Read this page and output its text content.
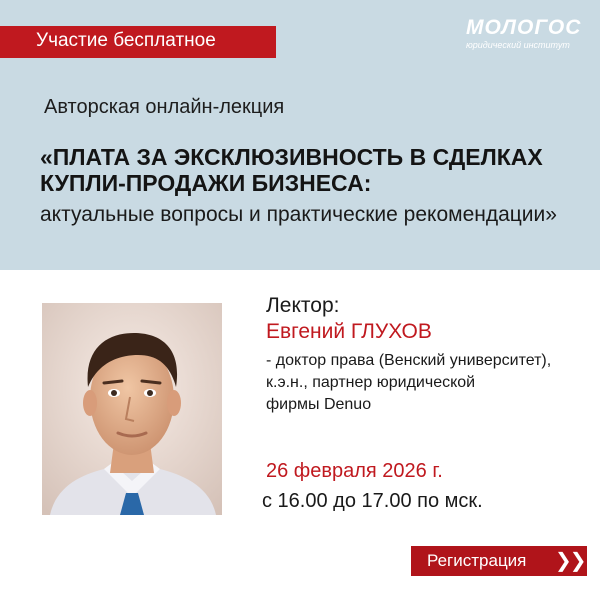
Участие бесплатное
МОЛОГОС
юридический институт
Авторская онлайн-лекция
«ПЛАТА ЗА ЭКСКЛЮЗИВНОСТЬ В СДЕЛКАХ КУПЛИ-ПРОДАЖИ БИЗНЕСА:
актуальные вопросы и практические рекомендации»
Лектор:
Евгений ГЛУХОВ
- доктор права (Венский университет),
к.э.н., партнер юридической
фирмы Denuo
26 февраля 2026 г.
с 16.00 до 17.00 по мск.
Регистрация ❯❯❯
